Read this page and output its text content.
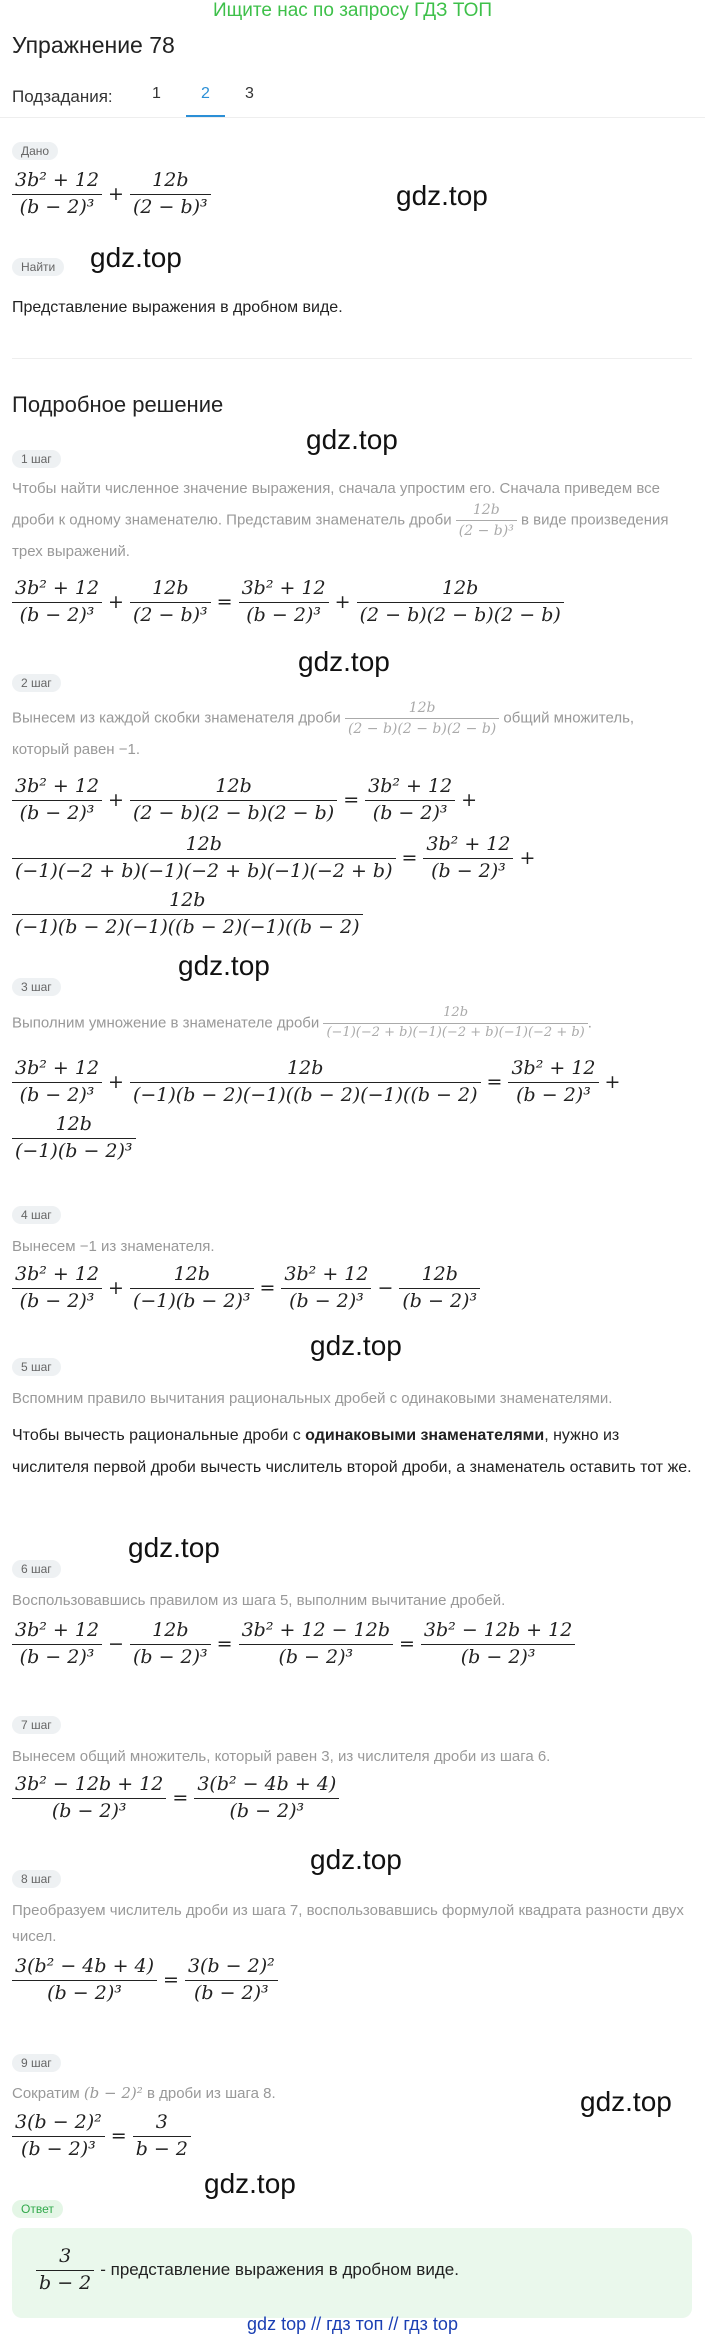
Ищите нас по запросу ГДЗ ТОП
Упражнение 78
Подзадания: 1	2	3
Дано
$\frac{\text{3b² + 12}}{\text{(b − 2)³}} + \frac{12b}{\text{(2 − b)³}}$	gdz.top
Найти	gdz.top
Представление выражения в дробном виде.
Подробное решение
gdz.top
1 шаг
Чтобы найти численное значение выражения, сначала упростим его. Сначала приведем все дроби к одному знаменателю. Представим знаменатель дроби $\frac{12b}{\text{(2 − b)³}}$ в виде произведения трех выражений.
$\frac{\text{3b² + 12}}{\text{(b − 2)³}} + \frac{12b}{\text{(2 − b)³}} = \frac{\text{3b² + 12}}{\text{(b − 2)³}} + \frac{12b}{(2 - b)(2 - b)(2 - b)}$
gdz.top
2 шаг
Вынесем из каждой скобки знаменателя дроби $\frac{12b}{(2 - b)(2 - b)(2 - b)}$ общий множитель, который равен −1.
$\frac{\text{3b² + 12}}{\text{(b − 2)³}} + \frac{12b}{(2 - b)(2 - b)(2 - b)} = \frac{\text{3b² + 12}}{\text{(b − 2)³}}$ +
$\frac{12b}{(-1)(-2 + b)(-1)(-2 + b)(-1)(-2 + b)} = \frac{\text{3b² + 12}}{\text{(b − 2)³}}$ +
$\frac{12b}{(-1)(b - 2)(-1)((b - 2)(-1)((b - 2)}$
gdz.top
3 шаг
Выполним умножение в знаменателе дроби $\frac{12b}{(-1)(-2 + b)(-1)(-2 + b)(-1)(-2 + b)}$ .
$\frac{\text{3b² + 12}}{\text{(b − 2)³}} + \frac{12b}{(-1)(b - 2)(-1)((b - 2)(-1)((b - 2)} = \frac{\text{3b² + 12}}{\text{(b − 2)³}}$ +
$\frac{12b}{\text{(−1)(b − 2)³}}$
4 шаг
Вынесем −1 из знаменателя.
$\frac{\text{3b² + 12}}{\text{(b − 2)³}} + \frac{12b}{\text{(−1)(b − 2)³}} = \frac{\text{3b² + 12}}{\text{(b − 2)³}} - \frac{12b}{\text{(b − 2)³}}$
gdz.top
5 шаг
Вспомним правило вычитания рациональных дробей с одинаковыми знаменателями.
Чтобы вычесть рациональные дроби с одинаковыми знаменателями, нужно из числителя первой дроби вычесть числитель второй дроби, а знаменатель оставить тот же.
gdz.top
6 шаг
Воспользовавшись правилом из шага 5, выполним вычитание дробей.
$\frac{\text{3b² + 12}}{\text{(b − 2)³}} - \frac{12b}{\text{(b − 2)³}} = \frac{\text{3b² + 12 − 12b}}{\text{(b − 2)³}} = \frac{\text{3b² − 12b + 12}}{\text{(b − 2)³}}$
7 шаг
Вынесем общий множитель, который равен 3, из числителя дроби из шага 6.
$\frac{\text{3b² − 12b + 12}}{\text{(b − 2)³}} = \frac{\text{3(b² − 4b + 4)}}{\text{(b − 2)³}}$
gdz.top
8 шаг
Преобразуем числитель дроби из шага 7, воспользовавшись формулой квадрата разности двух чисел.
$\frac{\text{3(b² − 4b + 4)}}{\text{(b − 2)³}} = \frac{\text{3(b − 2)²}}{\text{(b − 2)³}}$
9 шаг
Сократим (b − 2)² в дроби из шага 8.	gdz.top
$\frac{\text{3(b − 2)²}}{\text{(b − 2)³}} = \frac{3}{b - 2}$
gdz.top
Ответ
$\frac{3}{b - 2}$ - представление выражения в дробном виде.
gdz top // гдз топ // гдз top
